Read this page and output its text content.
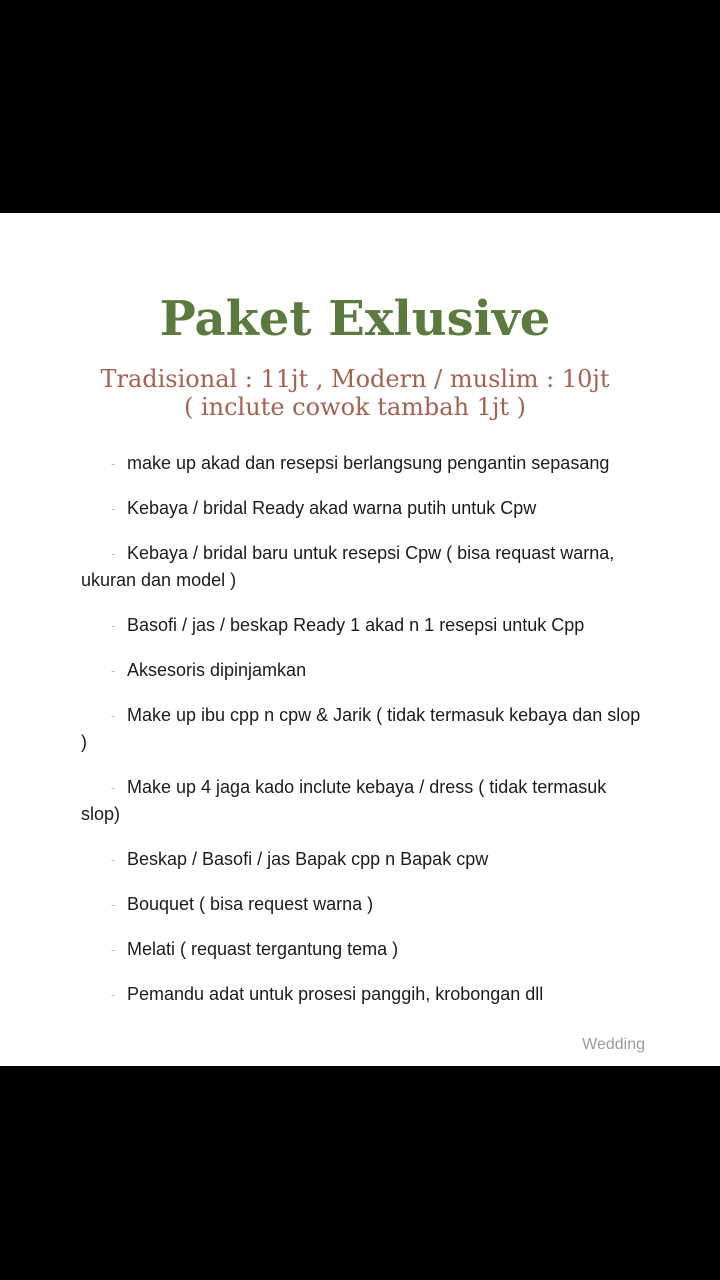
Paket Exlusive
Tradisional : 11jt , Modern / muslim : 10jt
( inclute cowok tambah 1jt )
- make up akad dan resepsi berlangsung pengantin sepasang
- Kebaya / bridal Ready akad warna putih untuk Cpw
- Kebaya / bridal baru untuk resepsi Cpw ( bisa requast warna, ukuran dan model )
- Basofi / jas / beskap Ready 1 akad n 1 resepsi untuk Cpp
- Aksesoris dipinjamkan
- Make up ibu cpp n cpw & Jarik ( tidak termasuk kebaya dan slop )
- Make up 4 jaga kado inclute kebaya / dress ( tidak termasuk slop)
- Beskap / Basofi / jas Bapak cpp n Bapak cpw
- Bouquet ( bisa request warna )
- Melati ( requast tergantung tema )
- Pemandu adat untuk prosesi panggih, krobongan dll
Wedding
